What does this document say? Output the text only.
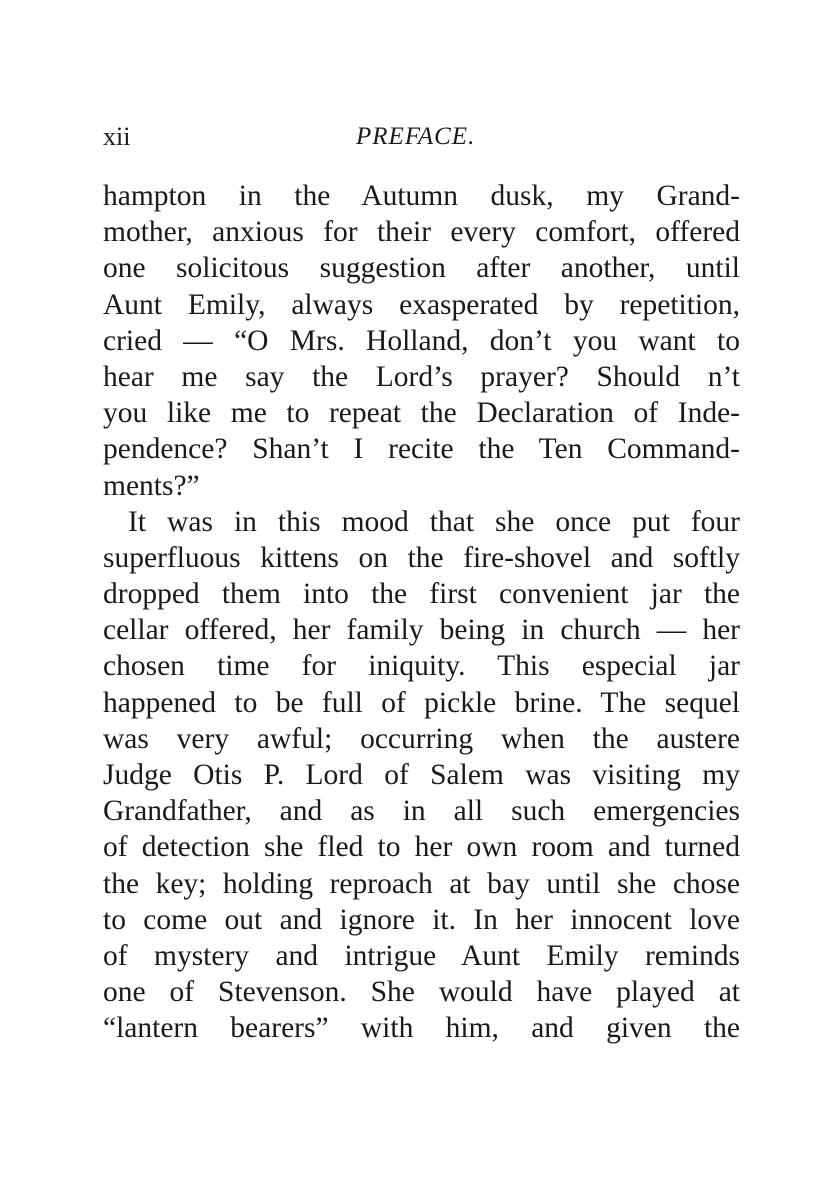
xii	PREFACE.
hampton in the Autumn dusk, my Grand-
mother, anxious for their every comfort, offered
one solicitous suggestion after another, until
Aunt Emily, always exasperated by repetition,
cried — “O Mrs. Holland, don’t you want to
hear me say the Lord’s prayer? Should n’t
you like me to repeat the Declaration of Inde-
pendence? Shan’t I recite the Ten Command-
ments?”
It was in this mood that she once put four
superfluous kittens on the fire-shovel and softly
dropped them into the first convenient jar the
cellar offered, her family being in church — her
chosen time for iniquity. This especial jar
happened to be full of pickle brine. The sequel
was very awful; occurring when the austere
Judge Otis P. Lord of Salem was visiting my
Grandfather, and as in all such emergencies
of detection she fled to her own room and turned
the key; holding reproach at bay until she chose
to come out and ignore it. In her innocent love
of mystery and intrigue Aunt Emily reminds
one of Stevenson. She would have played at
“lantern bearers” with him, and given the
